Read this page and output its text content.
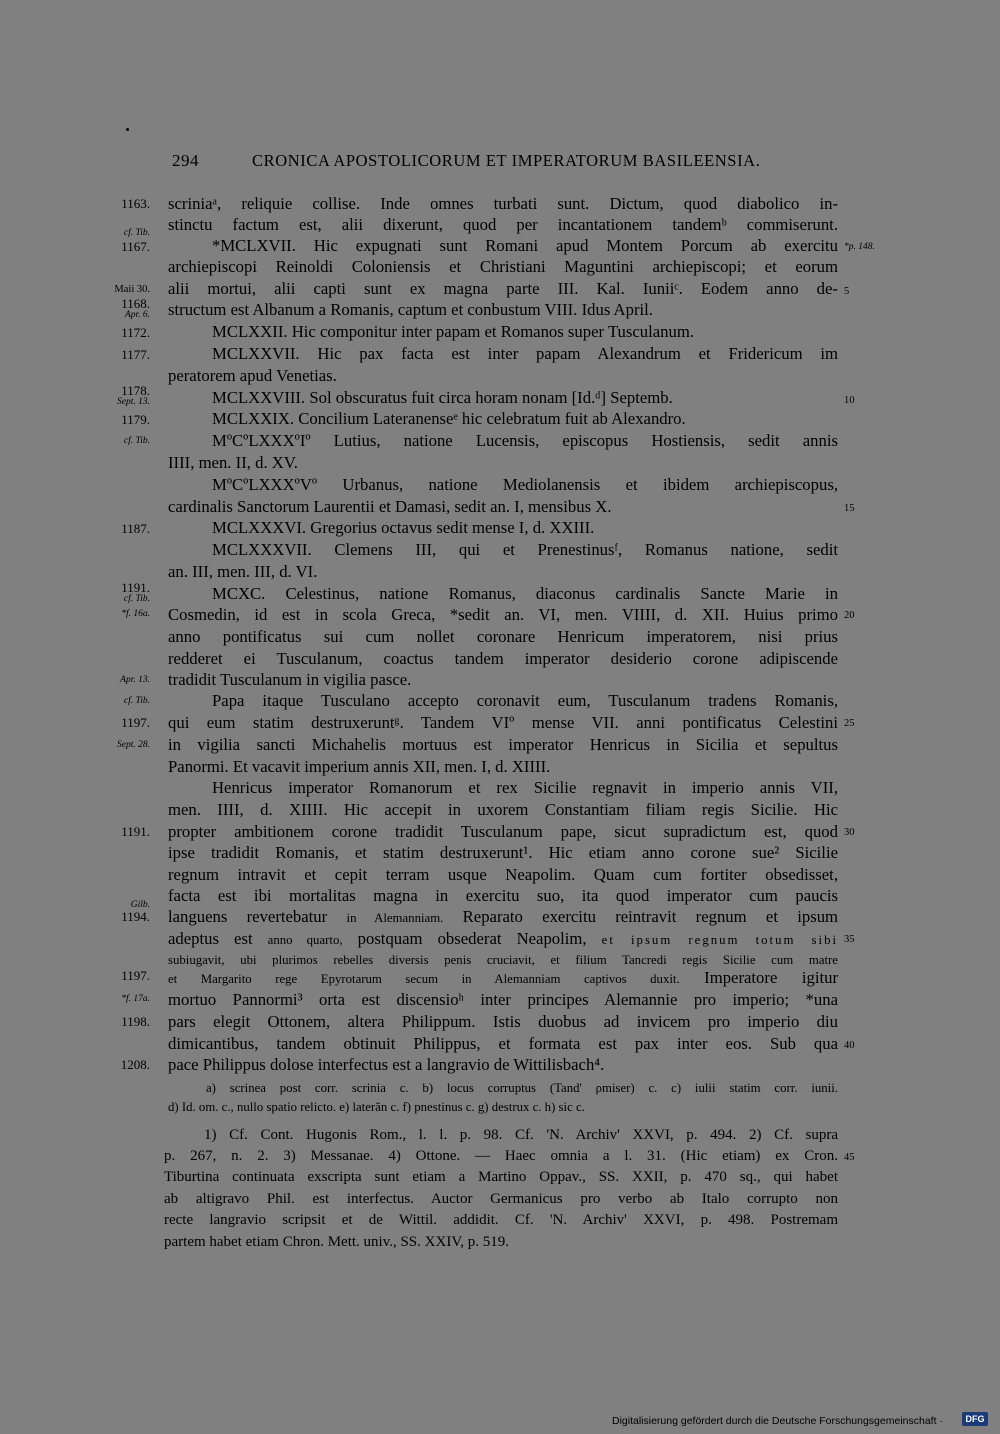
294	CRONICA APOSTOLICORUM ET IMPERATORUM BASILEENSIA.
scriniaᵃ, reliquie collise. Inde omnes turbati sunt. Dictum, quod diabolico in-
stinctu factum est, alii dixerunt, quod per incantationem tandemᵇ commiserunt.
*MCLXVII. Hic expugnati sunt Romani apud Montem Porcum ab exercitu
archiepiscopi Reinoldi Coloniensis et Christiani Maguntini archiepiscopi; et eorum
alii mortui, alii capti sunt ex magna parte III. Kal. Iuniiᶜ. Eodem anno de-
structum est Albanum a Romanis, captum et conbustum VIII. Idus April.
MCLXXII. Hic componitur inter papam et Romanos super Tusculanum.
MCLXXVII. Hic pax facta est inter papam Alexandrum et Fridericum im
peratorem apud Venetias.
MCLXXVIII. Sol obscuratus fuit circa horam nonam [Id.ᵈ] Septemb.
MCLXXIX. Concilium Lateranenseᵉ hic celebratum fuit ab Alexandro.
MºCºLXXXºIº Lutius, natione Lucensis, episcopus Hostiensis, sedit annis
IIII, men. II, d. XV.
MºCºLXXXºVº Urbanus, natione Mediolanensis et ibidem archiepiscopus,
cardinalis Sanctorum Laurentii et Damasi, sedit an. I, mensibus X.
MCLXXXVI. Gregorius octavus sedit mense I, d. XXIII.
MCLXXXVII. Clemens III, qui et Prenestinusᶠ, Romanus natione, sedit
an. III, men. III, d. VI.
MCXC. Celestinus, natione Romanus, diaconus cardinalis Sancte Marie in
Cosmedin, id est in scola Greca, *sedit an. VI, men. VIIII, d. XII. Huius primo
anno pontificatus sui cum nollet coronare Henricum imperatorem, nisi prius
redderet ei Tusculanum, coactus tandem imperator desiderio corone adipiscende
tradidit Tusculanum in vigilia pasce.
Papa itaque Tusculano accepto coronavit eum, Tusculanum tradens Romanis,
qui eum statim destruxeruntᵍ. Tandem VIº mense VII. anni pontificatus Celestini
in vigilia sancti Michahelis mortuus est imperator Henricus in Sicilia et sepultus
Panormi. Et vacavit imperium annis XII, men. I, d. XIIII.
Henricus imperator Romanorum et rex Sicilie regnavit in imperio annis VII,
men. IIII, d. XIIII. Hic accepit in uxorem Constantiam filiam regis Sicilie. Hic
propter ambitionem corone tradidit Tusculanum pape, sicut supradictum est, quod
ipse tradidit Romanis, et statim destruxerunt¹. Hic etiam anno corone sue² Sicilie
regnum intravit et cepit terram usque Neapolim. Quam cum fortiter obsedisset,
facta est ibi mortalitas magna in exercitu suo, ita quod imperator cum paucis
languens revertebatur in Alemanniam. Reparato exercitu reintravit regnum et ipsum
adeptus est anno quarto, postquam obsederat Neapolim, et ipsum regnum totum sibi
subiugavit, ubi plurimos rebelles diversis penis cruciavit, et filium Tancredi regis Sicilie cum matre
et Margarito rege Epyrotarum secum in Alemanniam captivos duxit. Imperatore igitur
mortuo Pannormi³ orta est discensioʰ inter principes Alemannie pro imperio; *una
pars elegit Ottonem, altera Philippum. Istis duobus ad invicem pro imperio diu
dimicantibus, tandem obtinuit Philippus, et formata est pax inter eos. Sub qua
pace Philippus dolose interfectus est a langravio de Wittilisbach⁴.
1163.
cf. Tib.
1167.
Maii 30.
1168.
Apr. 6.
1172.
1177.
1178.
Sept. 13.
1179.
cf. Tib.
1187.
1191.
cf. Tib.
*f. 16a.
Apr. 13.
cf. Tib.
1197.
Sept. 28.
1191.
Gilb.
1194.
1197.
*f. 17a.
1198.
1208.
*p. 148.
5
10
15
20
25
30
35
40
45
a) scrinea post corr. scrinia c. b) locus corruptus (Tand' ρmiser) c. c) iulii statim corr. iunii.
d) Id. om. c., nullo spatio relicto. e) laterãn c. f) pnestinus c. g) destrux c. h) sic c.
1) Cf. Cont. Hugonis Rom., l. l. p. 98. Cf. 'N. Archiv' XXVI, p. 494. 2) Cf. supra
p. 267, n. 2. 3) Messanae. 4) Ottone. — Haec omnia a l. 31. (Hic etiam) ex Cron.
Tiburtina continuata exscripta sunt etiam a Martino Oppav., SS. XXII, p. 470 sq., qui habet
ab altigravo Phil. est interfectus. Auctor Germanicus pro verbo ab Italo corrupto non
recte langravio scripsit et de Wittil. addidit. Cf. 'N. Archiv' XXVI, p. 498. Postremam
partem habet etiam Chron. Mett. univ., SS. XXIV, p. 519.
Digitalisierung gefördert durch die Deutsche Forschungsgemeinschaft ·	DFG
